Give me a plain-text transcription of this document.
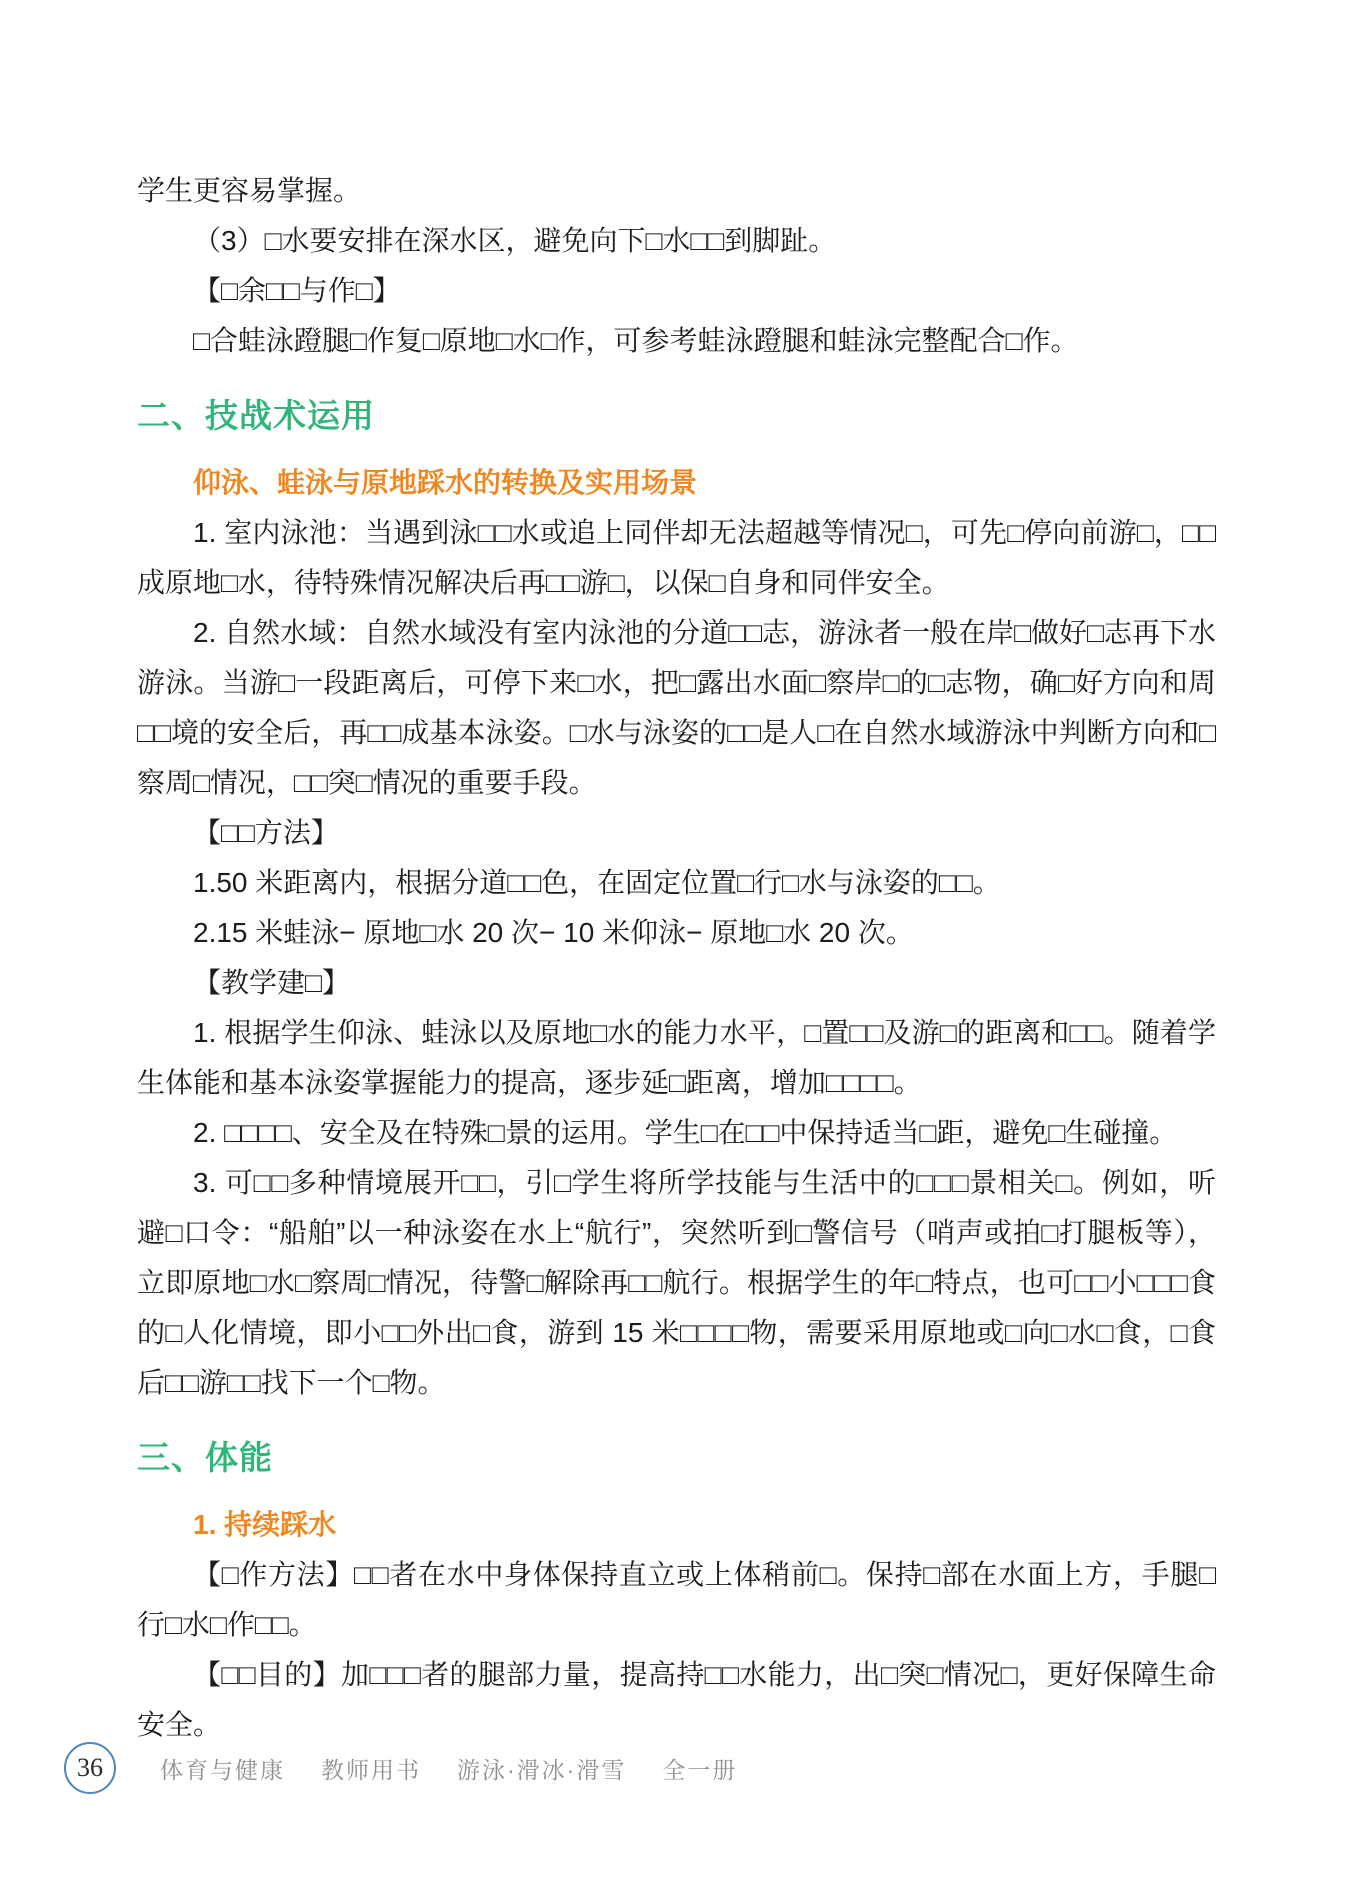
学生更容易掌握。

（3）□水要安排在深水区，避免向下□水□□到脚趾。

【□余□□与作□】

□合蛙泳蹬腿□作复□原地□水□作，可参考蛙泳蹬腿和蛙泳完整配合□作。

二、技战术运用
仰泳、蛙泳与原地踩水的转换及实用场景

1. 室内泳池：当遇到泳□□水或追上同伴却无法超越等情况□，可先□停向前游□，□□成原地□水，待特殊情况解决后再□□游□，以保□自身和同伴安全。

2. 自然水域：自然水域没有室内泳池的分道□□志，游泳者一般在岸□做好□志再下水游泳。当游□一段距离后，可停下来□水，把□露出水面□察岸□的□志物，确□好方向和周□□境的安全后，再□□成基本泳姿。□水与泳姿的□□是人□在自然水域游泳中判断方向和□察周□情况，□□突□情况的重要手段。

【□□方法】

1.50 米距离内，根据分道□□色，在固定位置□行□水与泳姿的□□。

2.15 米蛙泳− 原地□水 20 次− 10 米仰泳− 原地□水 20 次。

【教学建□】

1. 根据学生仰泳、蛙泳以及原地□水的能力水平，□置□□及游□的距离和□□。随着学生体能和基本泳姿掌握能力的提高，逐步延□距离，增加□□□□。

2. □□□□、安全及在特殊□景的运用。学生□在□□中保持适当□距，避免□生碰撞。

3. 可□□多种情境展开□□，引□学生将所学技能与生活中的□□□景相关□。例如，听避□口令：“船舶”以一种泳姿在水上“航行”，突然听到□警信号（哨声或拍□打腿板等），立即原地□水□察周□情况，待警□解除再□□航行。根据学生的年□特点，也可□□小□□□食的□人化情境，即小□□外出□食，游到 15 米□□□□物，需要采用原地或□向□水□食，□食后□□游□□找下一个□物。

三、体能
1. 持续踩水

【□作方法】□□者在水中身体保持直立或上体稍前□。保持□部在水面上方，手腿□行□水□作□□。

【□□目的】加□□□者的腿部力量，提高持□□水能力，出□突□情况□，更好保障生命安全。

36 体育与健康 教师用书 游泳·滑冰·滑雪 全一册
